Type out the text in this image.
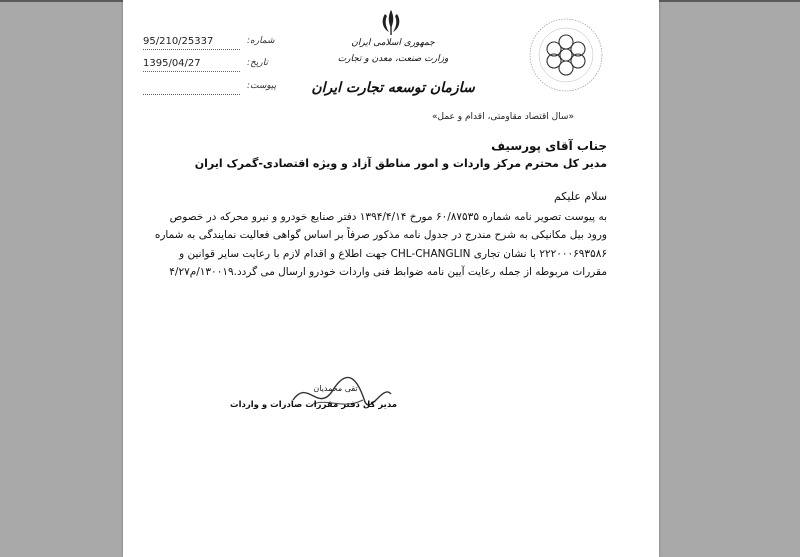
95/210/25337	شماره:
1395/04/27	تاریخ:
پیوست:
جمهوری اسلامی ایران
وزارت صنعت، معدن و تجارت
سازمان توسعه تجارت ایران
«سال اقتصاد مقاومتی، اقدام و عمل»
جناب آقای پورسیف
مدیر کل محترم مرکز واردات و امور مناطق آزاد و ویژه اقتصادی-گمرک ایران
سلام علیکم
به پیوست تصویر نامه شماره ۶۰/۸۷۵۳۵ مورخ ۱۳۹۴/۴/۱۴ دفتر صنایع خودرو و نیرو محرکه در خصوص
ورود بیل مکانیکی به شرح مندرج در جدول نامه مذکور صرفاً بر اساس گواهی فعالیت نمایندگی به شماره
۲۲۲۰۰۰۶۹۳۵۸۶ با نشان تجاری CHL-CHANGLIN جهت اطلاع و اقدام لازم با رعایت سایر قوانین و
مقررات مربوطه از جمله رعایت آیین نامه ضوابط فنی واردات خودرو ارسال می گردد.۱۳۰۰۱۹/م۴/۲۷
تقی محمدیان
مدیر کل دفتر مقررات صادرات و واردات
